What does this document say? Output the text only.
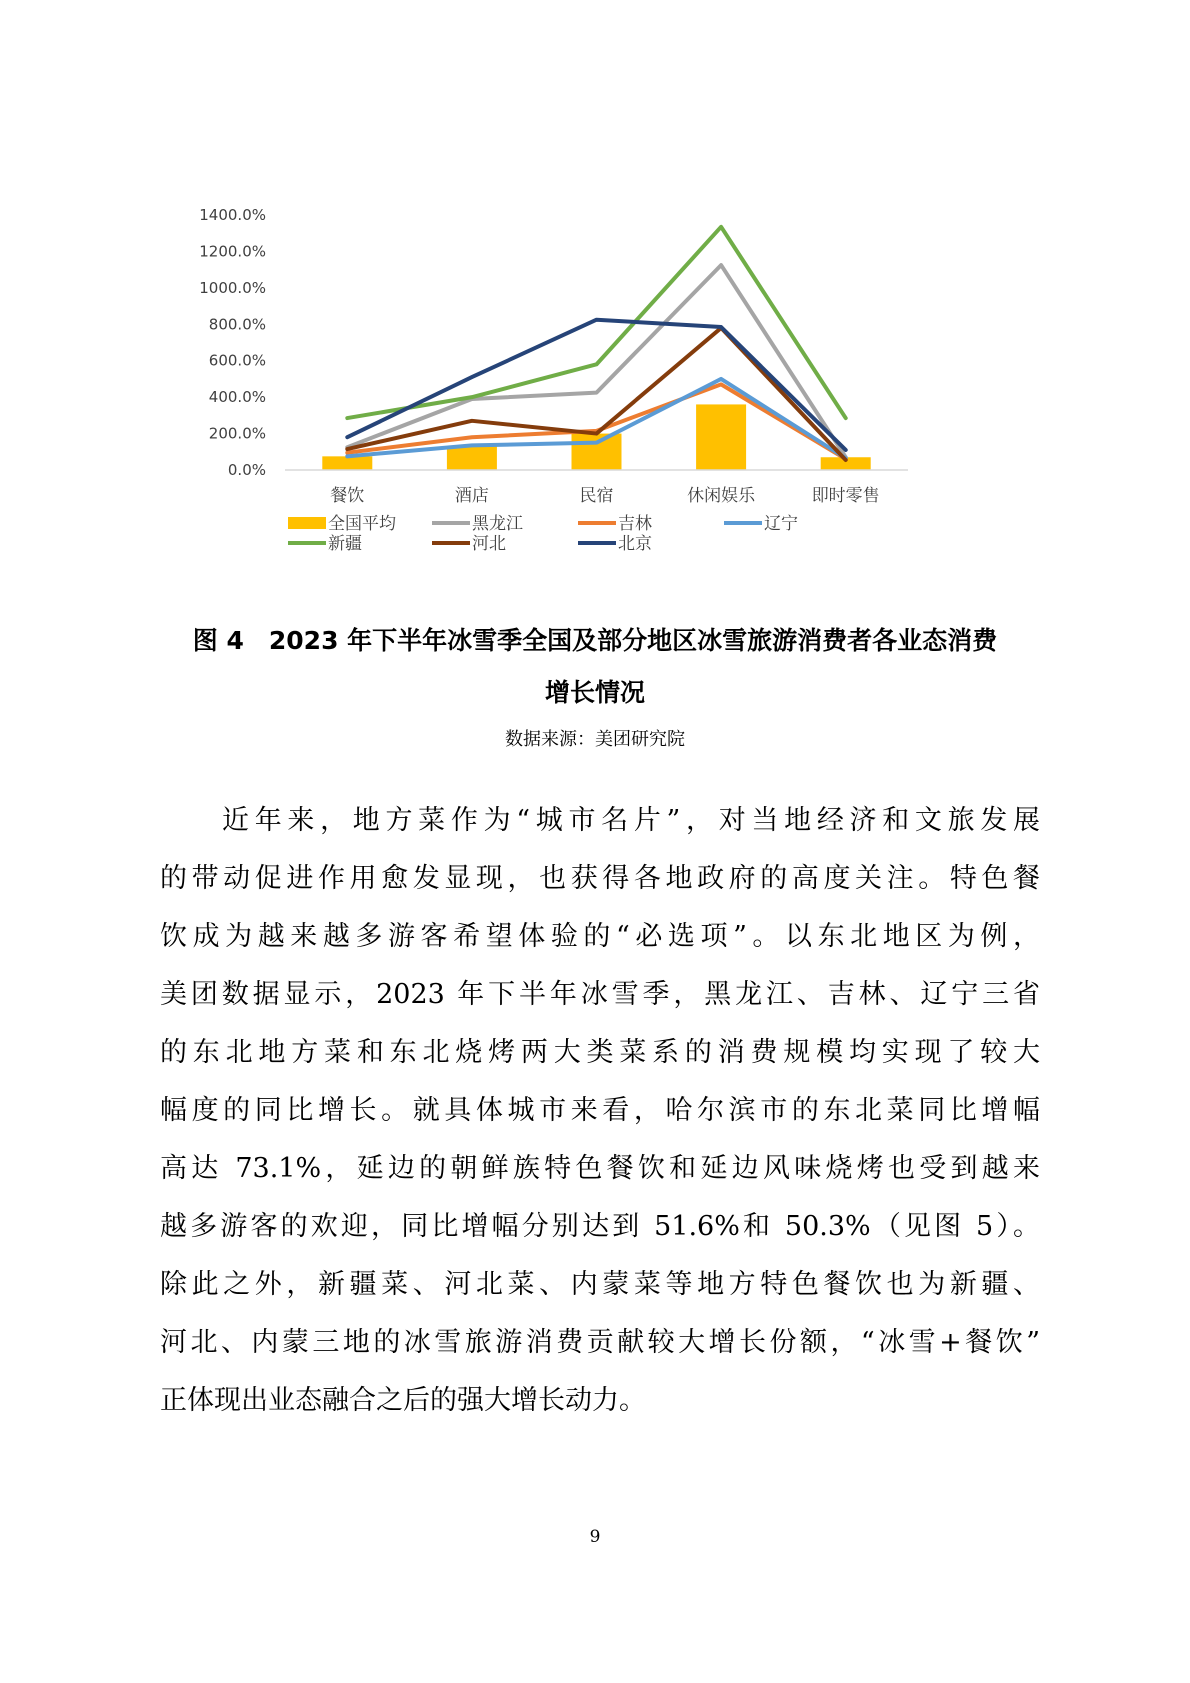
0.0%
200.0%
400.0%
600.0%
800.0%
1000.0%
1200.0%
1400.0%
餐饮	酒店	民宿	休闲娱乐	即时零售
全国平均	黑龙江	吉林	辽宁
新疆	河北	北京
图 4　2023 年下半年冰雪季全国及部分地区冰雪旅游消费者各业态消费
增长情况
数据来源：美团研究院
近年来，地方菜作为“城市名片”，对当地经济和文旅发展
的带动促进作用愈发显现，也获得各地政府的高度关注。特色餐
饮成为越来越多游客希望体验的“必选项”。以东北地区为例，
美团数据显示，2023 年下半年冰雪季，黑龙江、吉林、辽宁三省
的东北地方菜和东北烧烤两大类菜系的消费规模均实现了较大
幅度的同比增长。就具体城市来看，哈尔滨市的东北菜同比增幅
高达 73.1%，延边的朝鲜族特色餐饮和延边风味烧烤也受到越来
越多游客的欢迎，同比增幅分别达到 51.6%和 50.3%（见图 5）。
除此之外，新疆菜、河北菜、内蒙菜等地方特色餐饮也为新疆、
河北、内蒙三地的冰雪旅游消费贡献较大增长份额，“冰雪+餐饮”
正体现出业态融合之后的强大增长动力。
9
